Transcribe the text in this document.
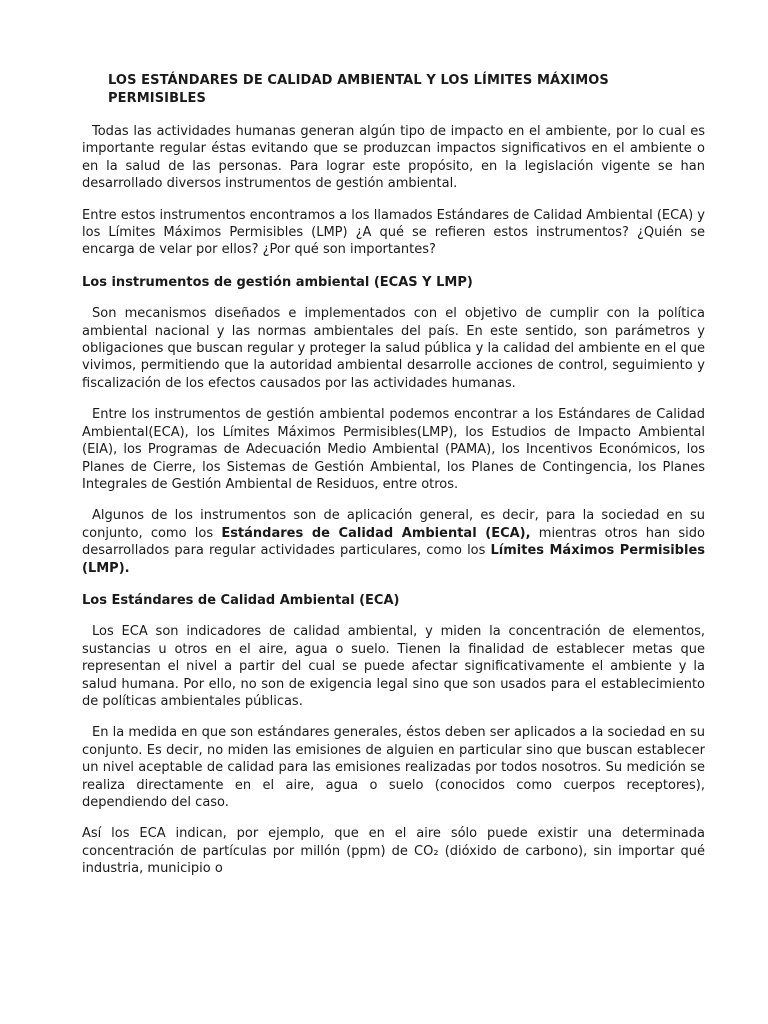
LOS ESTÁNDARES DE CALIDAD AMBIENTAL Y LOS LÍMITES MÁXIMOS PERMISIBLES

Todas las actividades humanas generan algún tipo de impacto en el ambiente, por lo cual es importante regular éstas evitando que se produzcan impactos significativos en el ambiente o en la salud de las personas. Para lograr este propósito, en la legislación vigente se han desarrollado diversos instrumentos de gestión ambiental.

Entre estos instrumentos encontramos a los llamados Estándares de Calidad Ambiental (ECA) y los Límites Máximos Permisibles (LMP) ¿A qué se refieren estos instrumentos? ¿Quién se encarga de velar por ellos? ¿Por qué son importantes?

Los instrumentos de gestión ambiental (ECAS Y LMP)

Son mecanismos diseñados e implementados con el objetivo de cumplir con la política ambiental nacional y las normas ambientales del país. En este sentido, son parámetros y obligaciones que buscan regular y proteger la salud pública y la calidad del ambiente en el que vivimos, permitiendo que la autoridad ambiental desarrolle acciones de control, seguimiento y fiscalización de los efectos causados por las actividades humanas.

Entre los instrumentos de gestión ambiental podemos encontrar a los Estándares de Calidad Ambiental(ECA), los Límites Máximos Permisibles(LMP), los Estudios de Impacto Ambiental (EIA), los Programas de Adecuación Medio Ambiental (PAMA), los Incentivos Económicos, los Planes de Cierre, los Sistemas de Gestión Ambiental, los Planes de Contingencia, los Planes Integrales de Gestión Ambiental de Residuos, entre otros.

Algunos de los instrumentos son de aplicación general, es decir, para la sociedad en su conjunto, como los Estándares de Calidad Ambiental (ECA), mientras otros han sido desarrollados para regular actividades particulares, como los Límites Máximos Permisibles (LMP).

Los Estándares de Calidad Ambiental (ECA)

Los ECA son indicadores de calidad ambiental, y miden la concentración de elementos, sustancias u otros en el aire, agua o suelo. Tienen la finalidad de establecer metas que representan el nivel a partir del cual se puede afectar significativamente el ambiente y la salud humana. Por ello, no son de exigencia legal sino que son usados para el establecimiento de políticas ambientales públicas.

En la medida en que son estándares generales, éstos deben ser aplicados a la sociedad en su conjunto. Es decir, no miden las emisiones de alguien en particular sino que buscan establecer un nivel aceptable de calidad para las emisiones realizadas por todos nosotros. Su medición se realiza directamente en el aire, agua o suelo (conocidos como cuerpos receptores), dependiendo del caso.

Así los ECA indican, por ejemplo, que en el aire sólo puede existir una determinada concentración de partículas por millón (ppm) de CO₂ (dióxido de carbono), sin importar qué industria, municipio o
